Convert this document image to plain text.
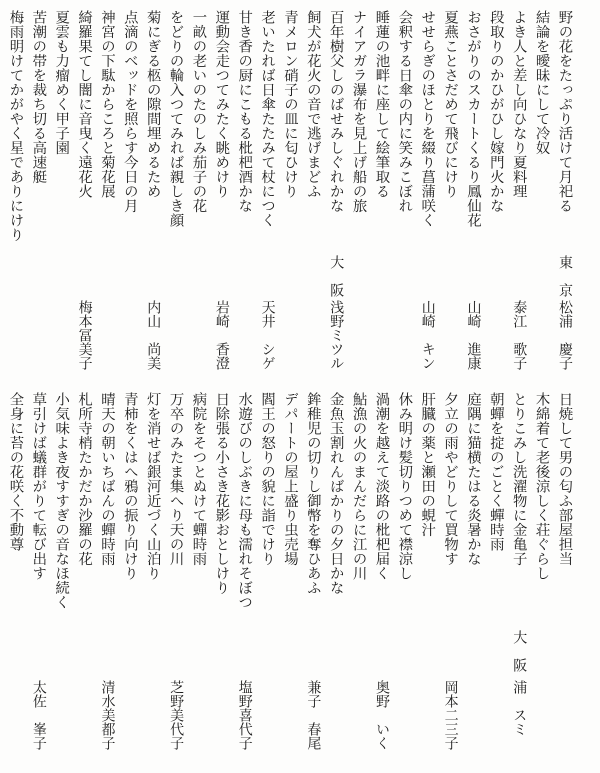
野の花をたっぷり活けて月祀る
東　京
松浦　慶子
結論を曖昧にして冷奴
よき人と差し向ひなり夏料理
泰江　歌子
段取りのかひがひし嫁門火かな
おさがりのスカートくるり鳳仙花
山崎　進康
夏燕ことさだめて飛びにけり
せせらぎのほとりを綴り菖蒲咲く
山崎　キン
会釈する日傘の内に笑みこぼれ
睡蓮の池畔に座して絵筆取る
ナイアガラ瀑布を見上げ船の旅
百年樹父しのばせみしぐれかな
大　阪
浅野ミツル
飼犬が花火の音で逃げまどふ
青メロン硝子の皿に匂ひけり
老いたれば日傘たたみて杖につく
天井　シゲ
甘き香の厨にこもる枇杷酒かな
運動会走つてみたく眺めけり
岩崎　香澄
一畝の老いのたのしみ茄子の花
をどりの輪入つてみれば親しき顔
菊にぎる柩の隙間埋めるため
内山　尚美
点滴のベッドを照らす今日の月
神宮の下駄からころと菊花展
綺羅果てし闇に音曳く遠花火
梅本冨美子
夏雲も力瘤めく甲子園
苦潮の帯を裁ち切る高速艇
梅雨明けてかがやく星でありにけり
日焼して男の匂ふ部屋担当
木綿着て老後涼しく荘ぐらし
とりこみし洗濯物に金亀子
大　阪
浦　スミ
朝蟬を掟のごとく蟬時雨
庭隅に猫横たはる炎暑かな
夕立の雨やどりして買物す
岡本二三子
肝臓の薬と瀬田の蜆汁
休み明け髪切りつめて襟涼し
渦潮を越えて淡路の枇杷届く
奥野　いく
鮎漁の火のまんだらに江の川
金魚玉割れんばかりの夕日かな
鉾稚児の切りし御幣を奪ひあふ
兼子　春尾
デパートの屋上盛り虫売場
閻王の怒りの貌に詣でけり
水遊びのしぶきに母も濡れそぼつ
塩野喜代子
日除張る小さき花影おとしけり
病院をそつとぬけて蟬時雨
万卒のみたま集へり天の川
芝野美代子
灯を消せば銀河近づく山泊り
青柿をくはへ鴉の振り向けり
晴天の朝いちばんの蟬時雨
清水美都子
札所寺梢たかだか沙羅の花
小気味よき夜すすぎの音なほ続く
草引けば蟻群がりて転び出す
太佐　峯子
全身に苔の花咲く不動尊
